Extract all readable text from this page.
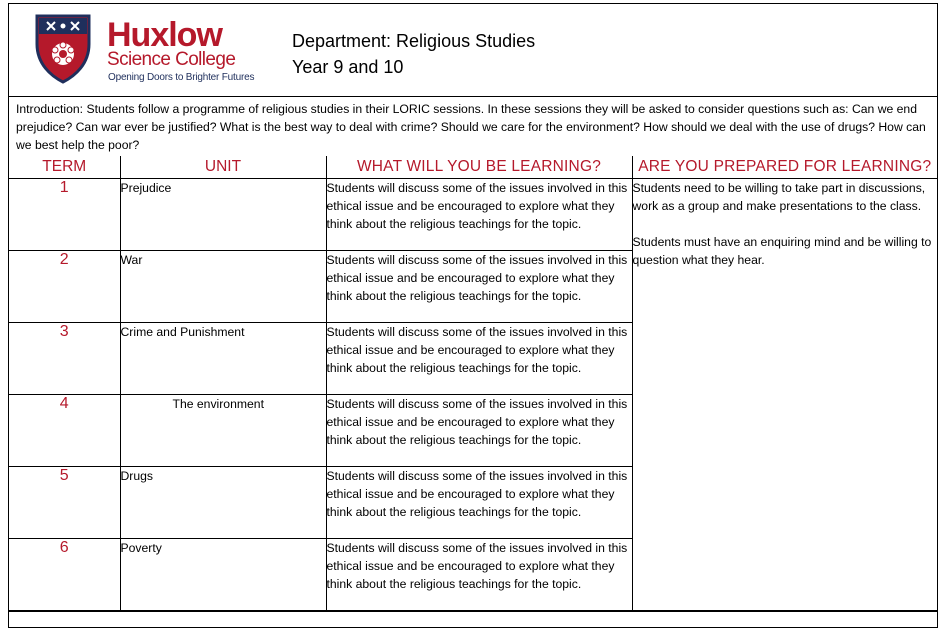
Huxlow
Science College
Opening Doors to Brighter Futures
Department: Religious Studies
Year 9 and 10
Introduction: Students follow a programme of religious studies in their LORIC sessions. In these sessions they will be asked to consider questions such as: Can we end prejudice? Can war ever be justified? What is the best way to deal with crime? Should we care for the environment? How should we deal with the use of drugs? How can we best help the poor?
TERM	UNIT	WHAT WILL YOU BE LEARNING?	ARE YOU PREPARED FOR LEARNING?
1	Prejudice	Students will discuss some of the issues involved in this ethical issue and be encouraged to explore what they think about the religious teachings for the topic.	Students need to be willing to take part in discussions, work as a group and make presentations to the class.

Students must have an enquiring mind and be willing to question what they hear.

2	War	Students will discuss some of the issues involved in this ethical issue and be encouraged to explore what they think about the religious teachings for the topic.	
3	Crime and Punishment	Students will discuss some of the issues involved in this ethical issue and be encouraged to explore what they think about the religious teachings for the topic.	
4	The environment	Students will discuss some of the issues involved in this ethical issue and be encouraged to explore what they think about the religious teachings for the topic.	
5	Drugs	Students will discuss some of the issues involved in this ethical issue and be encouraged to explore what they think about the religious teachings for the topic.	
6	Poverty	Students will discuss some of the issues involved in this ethical issue and be encouraged to explore what they think about the religious teachings for the topic.	
